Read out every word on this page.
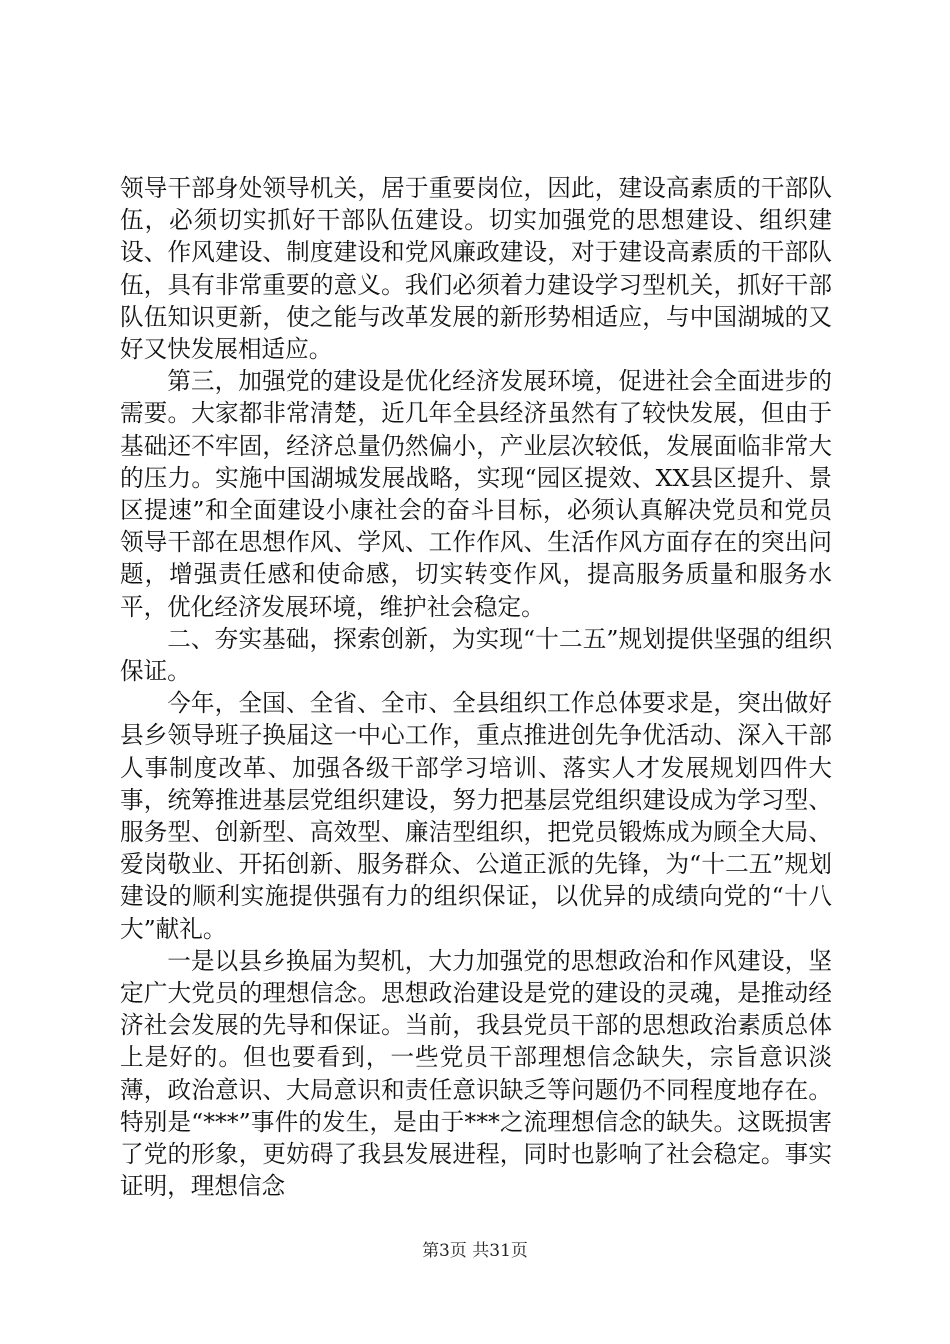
领导干部身处领导机关，居于重要岗位，因此，建设高素质的干部队伍，必须切实抓好干部队伍建设。切实加强党的思想建设、组织建设、作风建设、制度建设和党风廉政建设，对于建设高素质的干部队伍，具有非常重要的意义。我们必须着力建设学习型机关，抓好干部队伍知识更新，使之能与改革发展的新形势相适应，与中国湖城的又好又快发展相适应。

第三，加强党的建设是优化经济发展环境，促进社会全面进步的需要。大家都非常清楚，近几年全县经济虽然有了较快发展，但由于基础还不牢固，经济总量仍然偏小，产业层次较低，发展面临非常大的压力。实施中国湖城发展战略，实现“园区提效、XX县区提升、景区提速”和全面建设小康社会的奋斗目标，必须认真解决党员和党员领导干部在思想作风、学风、工作作风、生活作风方面存在的突出问题，增强责任感和使命感，切实转变作风，提高服务质量和服务水平，优化经济发展环境，维护社会稳定。

二、夯实基础，探索创新，为实现“十二五”规划提供坚强的组织保证。

今年，全国、全省、全市、全县组织工作总体要求是，突出做好县乡领导班子换届这一中心工作，重点推进创先争优活动、深入干部人事制度改革、加强各级干部学习培训、落实人才发展规划四件大事，统筹推进基层党组织建设，努力把基层党组织建设成为学习型、服务型、创新型、高效型、廉洁型组织，把党员锻炼成为顾全大局、爱岗敬业、开拓创新、服务群众、公道正派的先锋，为“十二五”规划建设的顺利实施提供强有力的组织保证，以优异的成绩向党的“十八大”献礼。

一是以县乡换届为契机，大力加强党的思想政治和作风建设，坚定广大党员的理想信念。思想政治建设是党的建设的灵魂，是推动经济社会发展的先导和保证。当前，我县党员干部的思想政治素质总体上是好的。但也要看到，一些党员干部理想信念缺失，宗旨意识淡薄，政治意识、大局意识和责任意识缺乏等问题仍不同程度地存在。特别是“***”事件的发生，是由于***之流理想信念的缺失。这既损害了党的形象，更妨碍了我县发展进程，同时也影响了社会稳定。事实证明，理想信念

第3页 共31页
